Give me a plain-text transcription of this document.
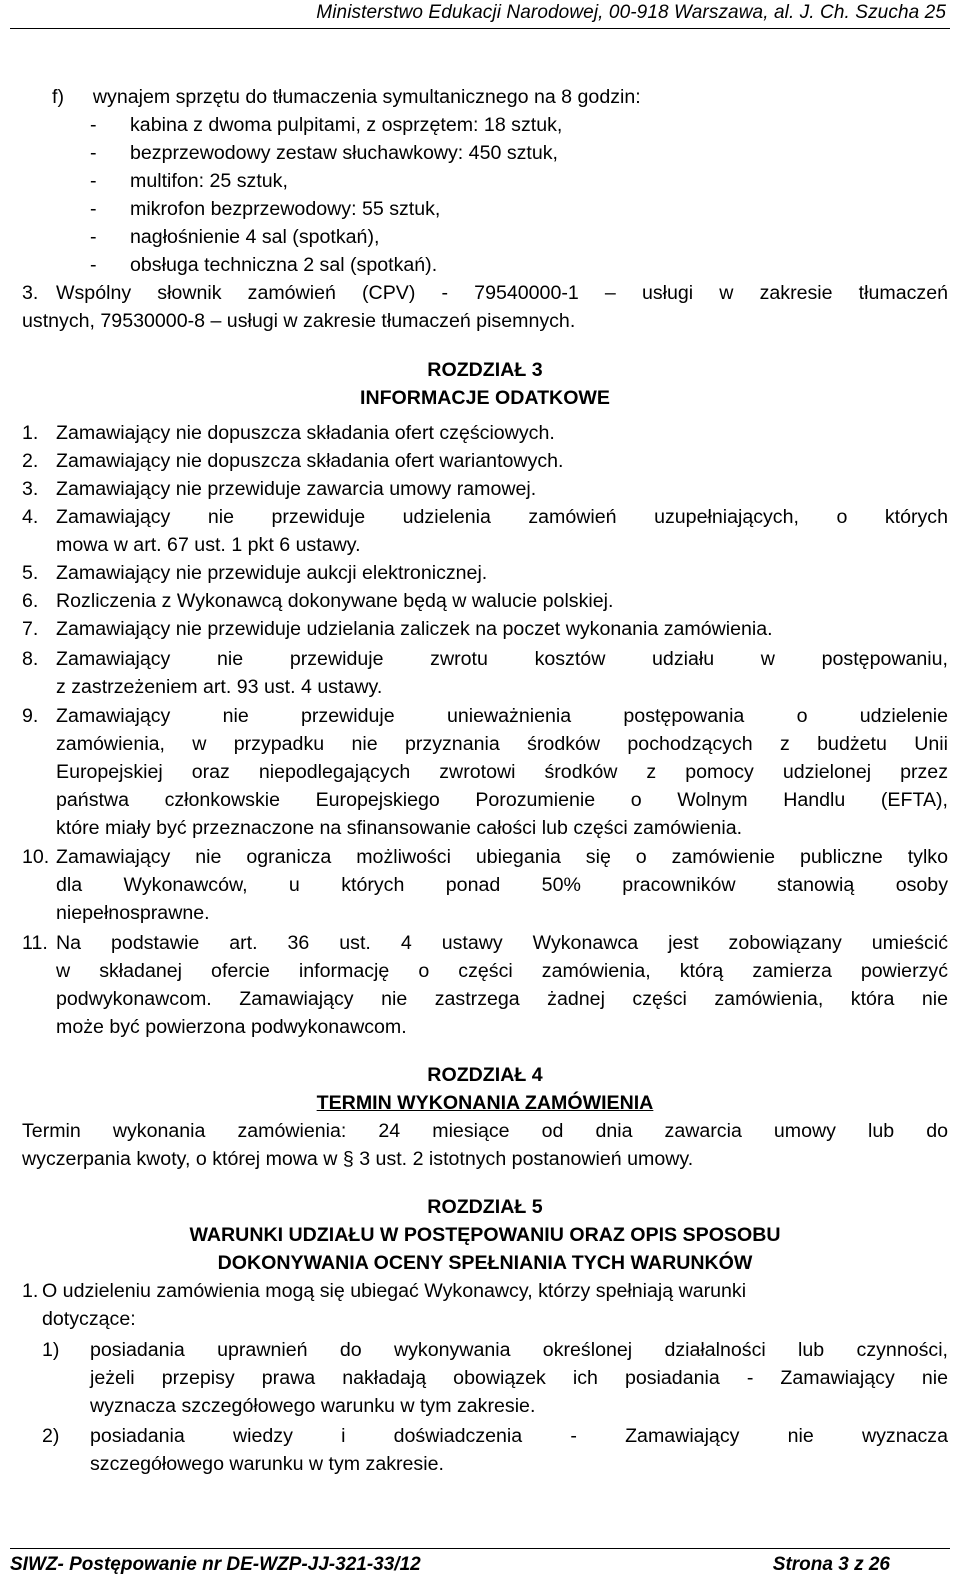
Ministerstwo Edukacji Narodowej, 00-918 Warszawa, al. J. Ch. Szucha 25
f) wynajem sprzętu do tłumaczenia symultanicznego na 8 godzin:
- kabina z dwoma pulpitami, z osprzętem: 18 sztuk,
- bezprzewodowy zestaw słuchawkowy: 450 sztuk,
- multifon: 25 sztuk,
- mikrofon bezprzewodowy: 55 sztuk,
- nagłośnienie 4 sal (spotkań),
- obsługa techniczna 2 sal (spotkań).
3. Wspólny słownik zamówień (CPV) - 79540000-1 – usługi w zakresie tłumaczeń
ustnych, 79530000-8 – usługi w zakresie tłumaczeń pisemnych.
ROZDZIAŁ 3
INFORMACJE ODATKOWE
1. Zamawiający nie dopuszcza składania ofert częściowych.
2. Zamawiający nie dopuszcza składania ofert wariantowych.
3. Zamawiający nie przewiduje zawarcia umowy ramowej.
4. Zamawiający nie przewiduje udzielenia zamówień uzupełniających, o których
mowa w art. 67 ust. 1 pkt 6 ustawy.
5. Zamawiający nie przewiduje aukcji elektronicznej.
6. Rozliczenia z Wykonawcą dokonywane będą w walucie polskiej.
7. Zamawiający nie przewiduje udzielania zaliczek na poczet wykonania zamówienia.
8. Zamawiający nie przewiduje zwrotu kosztów udziału w postępowaniu,
z zastrzeżeniem art. 93 ust. 4 ustawy.
9. Zamawiający nie przewiduje unieważnienia postępowania o udzielenie
zamówienia, w przypadku nie przyznania środków pochodzących z budżetu Unii
Europejskiej oraz niepodlegających zwrotowi środków z pomocy udzielonej przez
państwa członkowskie Europejskiego Porozumienie o Wolnym Handlu (EFTA),
które miały być przeznaczone na sfinansowanie całości lub części zamówienia.
10. Zamawiający nie ogranicza możliwości ubiegania się o zamówienie publiczne tylko
dla Wykonawców, u których ponad 50% pracowników stanowią osoby
niepełnosprawne.
11. Na podstawie art. 36 ust. 4 ustawy Wykonawca jest zobowiązany umieścić
w składanej ofercie informację o części zamówienia, którą zamierza powierzyć
podwykonawcom. Zamawiający nie zastrzega żadnej części zamówienia, która nie
może być powierzona podwykonawcom.
ROZDZIAŁ 4
TERMIN WYKONANIA ZAMÓWIENIA
Termin wykonania zamówienia: 24 miesiące od dnia zawarcia umowy lub do
wyczerpania kwoty, o której mowa w § 3 ust. 2 istotnych postanowień umowy.
ROZDZIAŁ 5
WARUNKI UDZIAŁU W POSTĘPOWANIU ORAZ OPIS SPOSOBU
DOKONYWANIA OCENY SPEŁNIANIA TYCH WARUNKÓW
1. O udzieleniu zamówienia mogą się ubiegać Wykonawcy, którzy spełniają warunki
dotyczące:
1) posiadania uprawnień do wykonywania określonej działalności lub czynności,
jeżeli przepisy prawa nakładają obowiązek ich posiadania - Zamawiający nie
wyznacza szczegółowego warunku w tym zakresie.
2) posiadania wiedzy i doświadczenia - Zamawiający nie wyznacza
szczegółowego warunku w tym zakresie.
SIWZ- Postępowanie nr DE-WZP-JJ-321-33/12	Strona 3 z 26
